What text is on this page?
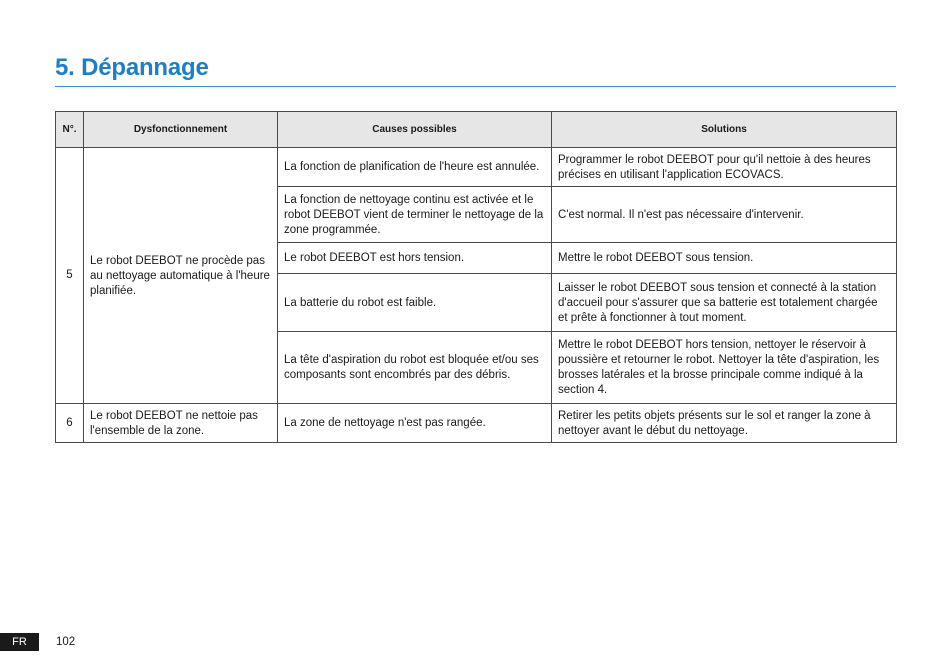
5. Dépannage
N°.	Dysfonctionnement	Causes possibles	Solutions
5	Le robot DEEBOT ne procède pas au nettoyage automatique à l'heure planifiée.	La fonction de planification de l'heure est annulée.	Programmer le robot DEEBOT pour qu'il nettoie à des heures précises en utilisant l'application ECOVACS.
		La fonction de nettoyage continu est activée et le robot DEEBOT vient de terminer le nettoyage de la zone programmée.	C'est normal. Il n'est pas nécessaire d'intervenir.
		Le robot DEEBOT est hors tension.	Mettre le robot DEEBOT sous tension.
		La batterie du robot est faible.	Laisser le robot DEEBOT sous tension et connecté à la station d'accueil pour s'assurer que sa batterie est totalement chargée et prête à fonctionner à tout moment.
		La tête d'aspiration du robot est bloquée et/ou ses composants sont encombrés par des débris.	Mettre le robot DEEBOT hors tension, nettoyer le réservoir à poussière et retourner le robot. Nettoyer la tête d'aspiration, les brosses latérales et la brosse principale comme indiqué à la section 4.
6	Le robot DEEBOT ne nettoie pas l'ensemble de la zone.	La zone de nettoyage n'est pas rangée.	Retirer les petits objets présents sur le sol et ranger la zone à nettoyer avant le début du nettoyage.
FR	102
